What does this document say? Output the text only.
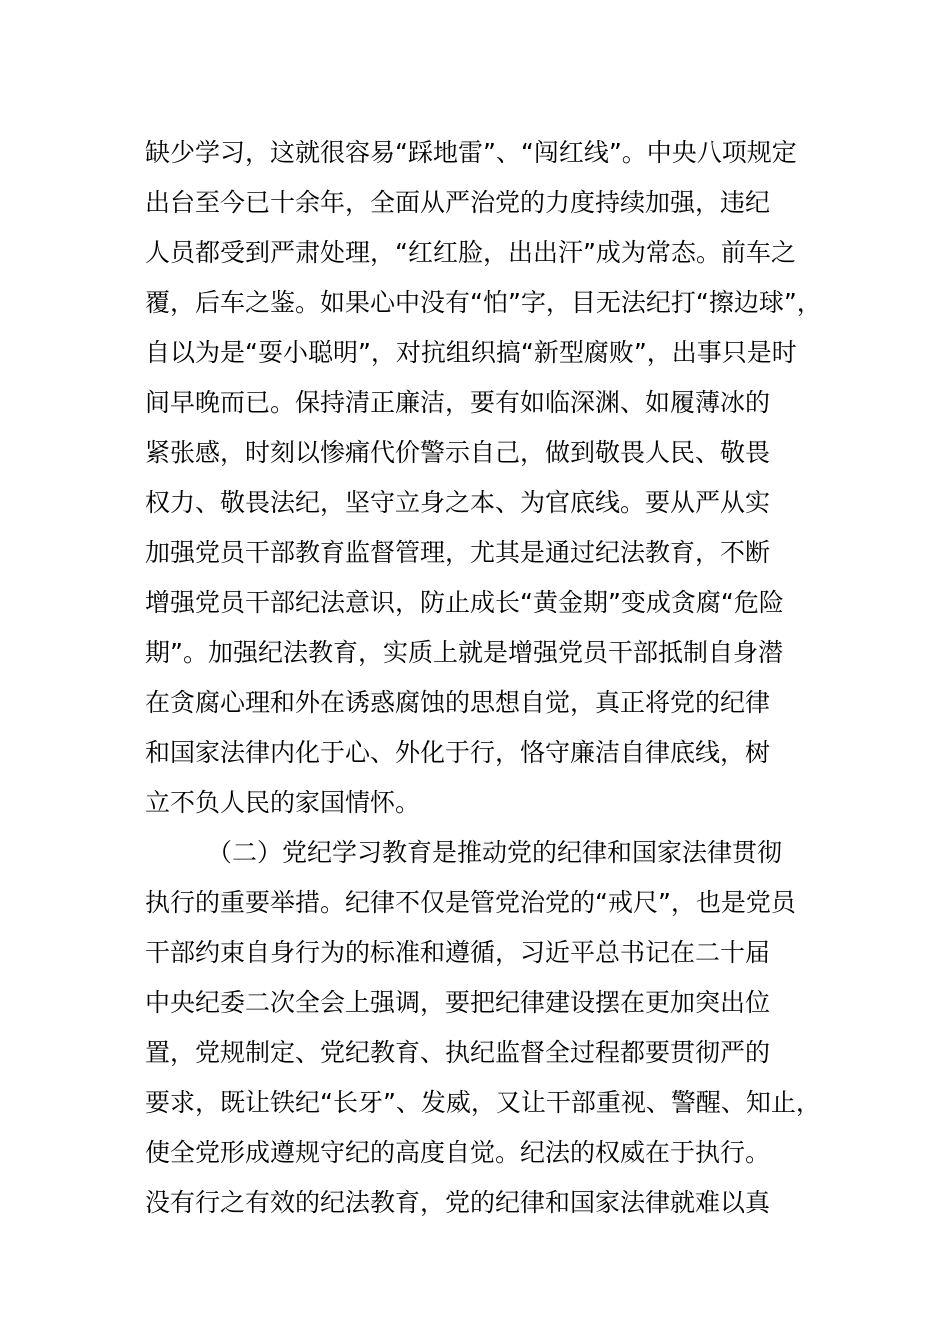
缺少学习，这就很容易“踩地雷”、“闯红线”。中央八项规定
出台至今已十余年，全面从严治党的力度持续加强，违纪
人员都受到严肃处理，“红红脸，出出汗”成为常态。前车之
覆，后车之鉴。如果心中没有“怕”字，目无法纪打“擦边球”，
自以为是“耍小聪明”，对抗组织搞“新型腐败”，出事只是时
间早晚而已。保持清正廉洁，要有如临深渊、如履薄冰的
紧张感，时刻以惨痛代价警示自己，做到敬畏人民、敬畏
权力、敬畏法纪，坚守立身之本、为官底线。要从严从实
加强党员干部教育监督管理，尤其是通过纪法教育，不断
增强党员干部纪法意识，防止成长“黄金期”变成贪腐“危险
期”。加强纪法教育，实质上就是增强党员干部抵制自身潜
在贪腐心理和外在诱惑腐蚀的思想自觉，真正将党的纪律
和国家法律内化于心、外化于行，恪守廉洁自律底线，树
立不负人民的家国情怀。
（二）党纪学习教育是推动党的纪律和国家法律贯彻
执行的重要举措。纪律不仅是管党治党的“戒尺”，也是党员
干部约束自身行为的标准和遵循，习近平总书记在二十届
中央纪委二次全会上强调，要把纪律建设摆在更加突出位
置，党规制定、党纪教育、执纪监督全过程都要贯彻严的
要求，既让铁纪“长牙”、发威，又让干部重视、警醒、知止，
使全党形成遵规守纪的高度自觉。纪法的权威在于执行。
没有行之有效的纪法教育，党的纪律和国家法律就难以真
